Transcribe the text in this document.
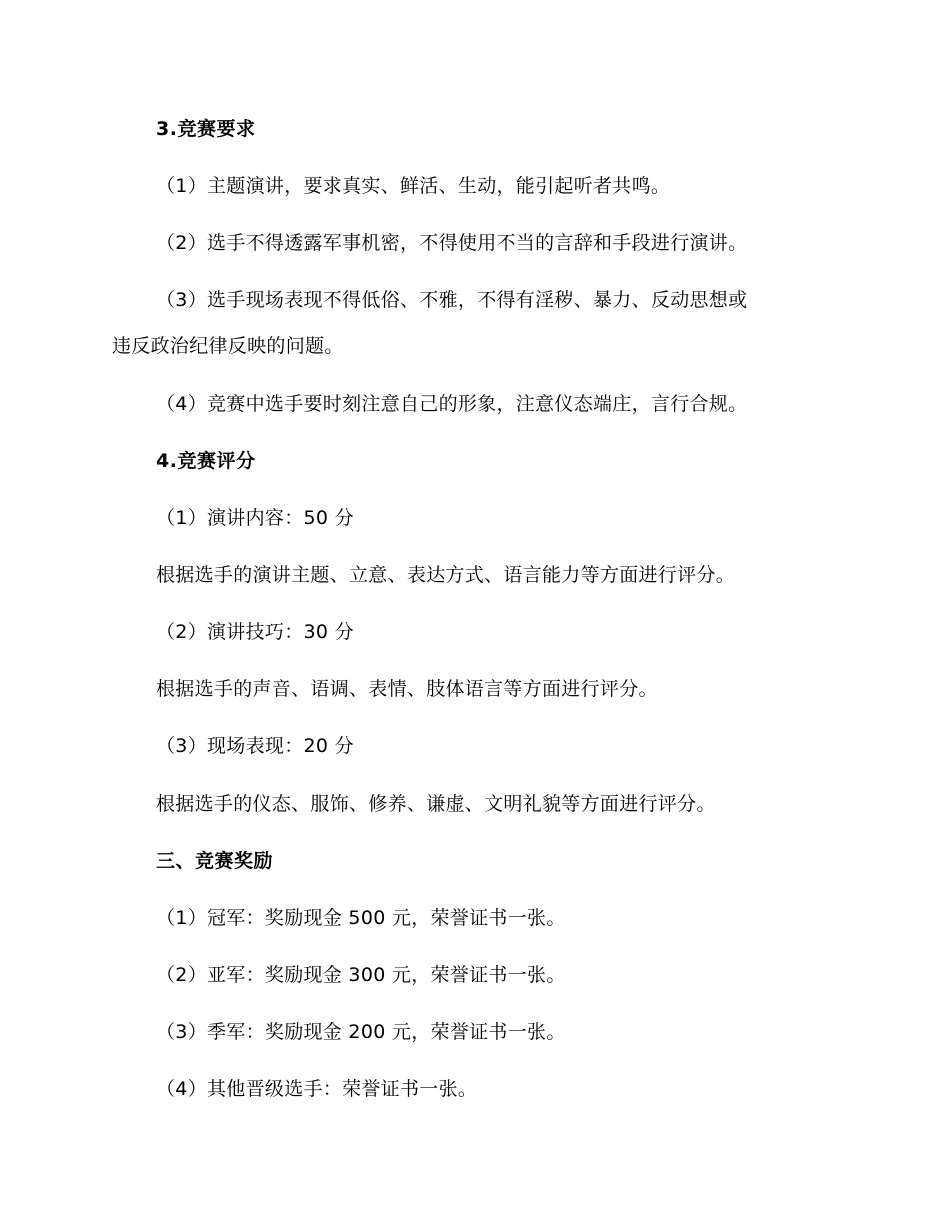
3.竞赛要求
（1）主题演讲，要求真实、鲜活、生动，能引起听者共鸣。
（2）选手不得透露军事机密，不得使用不当的言辞和手段进行演讲。
（3）选手现场表现不得低俗、不雅，不得有淫秽、暴力、反动思想或
违反政治纪律反映的问题。
（4）竞赛中选手要时刻注意自己的形象，注意仪态端庄，言行合规。
4.竞赛评分
（1）演讲内容：50 分
根据选手的演讲主题、立意、表达方式、语言能力等方面进行评分。
（2）演讲技巧：30 分
根据选手的声音、语调、表情、肢体语言等方面进行评分。
（3）现场表现：20 分
根据选手的仪态、服饰、修养、谦虚、文明礼貌等方面进行评分。
三、竞赛奖励
（1）冠军：奖励现金 500 元，荣誉证书一张。
（2）亚军：奖励现金 300 元，荣誉证书一张。
（3）季军：奖励现金 200 元，荣誉证书一张。
（4）其他晋级选手：荣誉证书一张。
